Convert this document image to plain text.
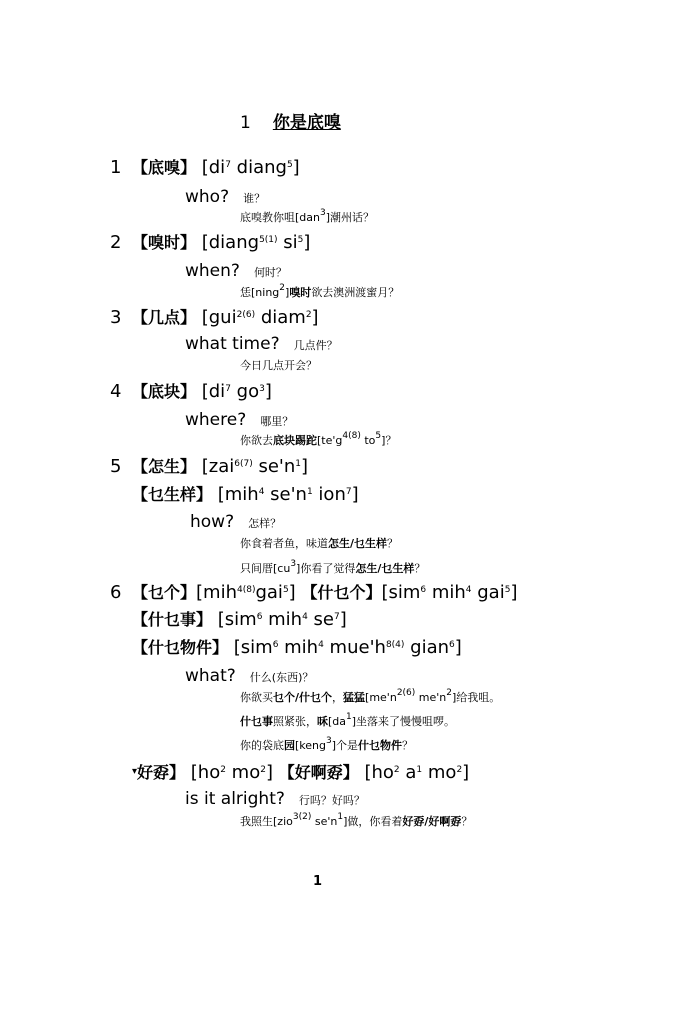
1 你是底嗅
1 【底嗅】 [$di^7$ diang$^5$]
who? 谁？
底嗅教你咀[dan$^3$]潮州话？
2 【嗅时】 [diang$^{5(1)}$ $si^5$]
when? 何时？
恁[ning$^2$]嗅时欲去澳洲渡蜜月？
3 【几点】 [gui$^{2(6)}$ diam$^2$]
what time? 几点件？
今日几点开会？
4 【底块】 [$di^7$ $go^3$]
where? 哪里？
你欲去底块踢跎[$te'g^{4(8)}$ $to^5$]？
5 【怎生】 [zai$^{6(7)}$ $se'n^1$]
【乜生样】 [mih$^4$ $se'n^1$ ion$^7$]
how? 怎样？
你食着者鱼，味道怎生/乜生样？
只间厝$[cu^3]$你看了觉得怎生/乜生样？
6 【乜个】[mih$^{4(8)}$gai$^5$] 【什乜个】[sim$^6$ mih$^4$ gai$^5$]
【什乜事】 [sim$^6$ mih$^4$ $se^7$]
【什乜物件】 [sim$^6$ mih$^4$ $mue'h^{8(4)}$ gian$^6$]
what? 什么(东西)？
你欲买乜个/什乜个，猛猛[$me'n^{2(6)}$ $me'n^2$]给我咀。
什乜事照紧张，咊$[da^1]$坐落来了慢慢咀啰。
你的袋底园[keng$^3$]个是什乜物件？
▾好孬】 [$ho^2$ $mo^2$] 【好啊孬】 [$ho^2$ $a^1$ $mo^2$]
is it alright? 行吗？好吗？
我照生[zio$^{3(2)}$ $se'n^1$]做，你看着好孬/好啊孬？
1
